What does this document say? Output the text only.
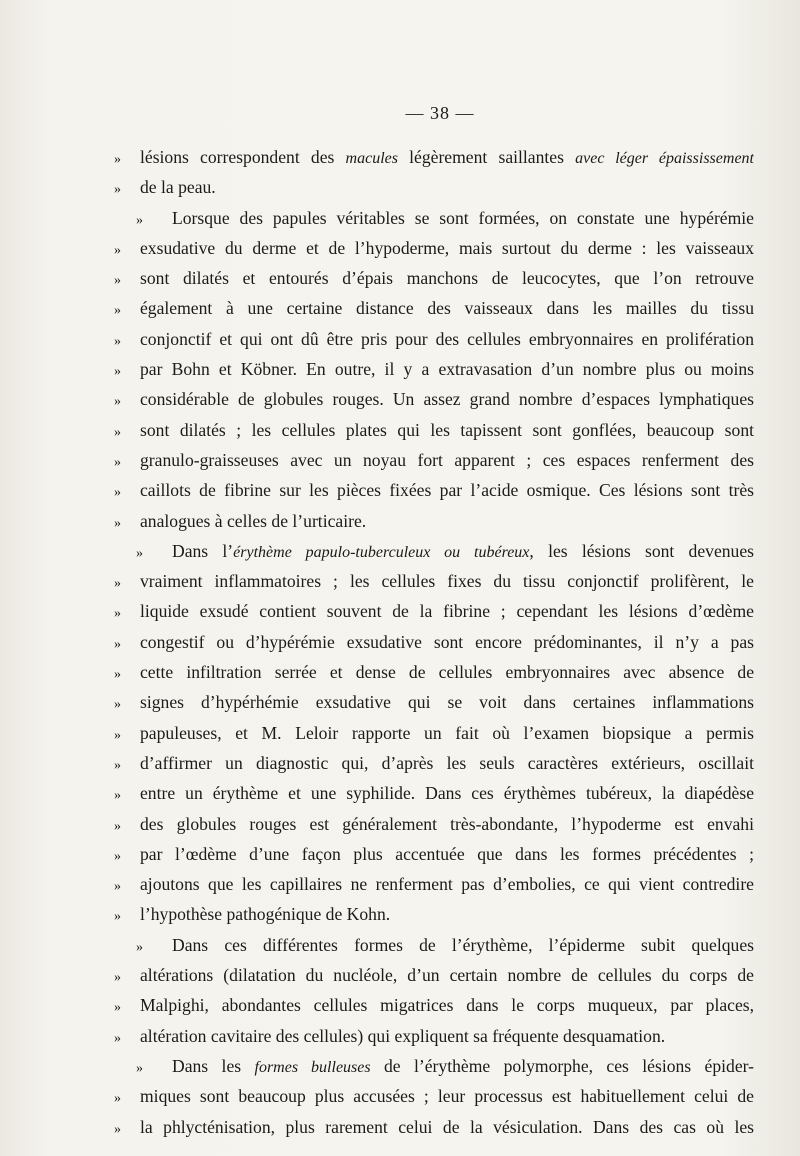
— 38 —
»	lésions correspondent des macules légèrement saillantes avec léger épaississement
»	de la peau.
»	Lorsque des papules véritables se sont formées, on constate une hypérémie
»	exsudative du derme et de l’hypoderme, mais surtout du derme : les vaisseaux
»	sont dilatés et entourés d’épais manchons de leucocytes, que l’on retrouve
»	également à une certaine distance des vaisseaux dans les mailles du tissu
»	conjonctif et qui ont dû être pris pour des cellules embryonnaires en prolifération
»	par Bohn et Köbner. En outre, il y a extravasation d’un nombre plus ou moins
»	considérable de globules rouges. Un assez grand nombre d’espaces lymphatiques
»	sont dilatés ; les cellules plates qui les tapissent sont gonflées, beaucoup sont
»	granulo-graisseuses avec un noyau fort apparent ; ces espaces renferment des
»	caillots de fibrine sur les pièces fixées par l’acide osmique. Ces lésions sont très
»	analogues à celles de l’urticaire.
»	Dans l’érythème papulo-tuberculeux ou tubéreux, les lésions sont devenues
»	vraiment inflammatoires ; les cellules fixes du tissu conjonctif prolifèrent, le
»	liquide exsudé contient souvent de la fibrine ; cependant les lésions d’œdème
»	congestif ou d’hypérémie exsudative sont encore prédominantes, il n’y a pas
»	cette infiltration serrée et dense de cellules embryonnaires avec absence de
»	signes d’hypérhémie exsudative qui se voit dans certaines inflammations
»	papuleuses, et M. Leloir rapporte un fait où l’examen biopsique a permis
»	d’affirmer un diagnostic qui, d’après les seuls caractères extérieurs, oscillait
»	entre un érythème et une syphilide. Dans ces érythèmes tubéreux, la diapédèse
»	des globules rouges est généralement très-abondante, l’hypoderme est envahi
»	par l’œdème d’une façon plus accentuée que dans les formes précédentes ;
»	ajoutons que les capillaires ne renferment pas d’embolies, ce qui vient contredire
»	l’hypothèse pathogénique de Kohn.
»	Dans ces différentes formes de l’érythème, l’épiderme subit quelques
»	altérations (dilatation du nucléole, d’un certain nombre de cellules du corps de
»	Malpighi, abondantes cellules migatrices dans le corps muqueux, par places,
»	altération cavitaire des cellules) qui expliquent sa fréquente desquamation.
»	Dans les formes bulleuses de l’érythème polymorphe, ces lésions épider-
»	miques sont beaucoup plus accusées ; leur processus est habituellement celui de
»	la phlycténisation, plus rarement celui de la vésiculation. Dans des cas où les
